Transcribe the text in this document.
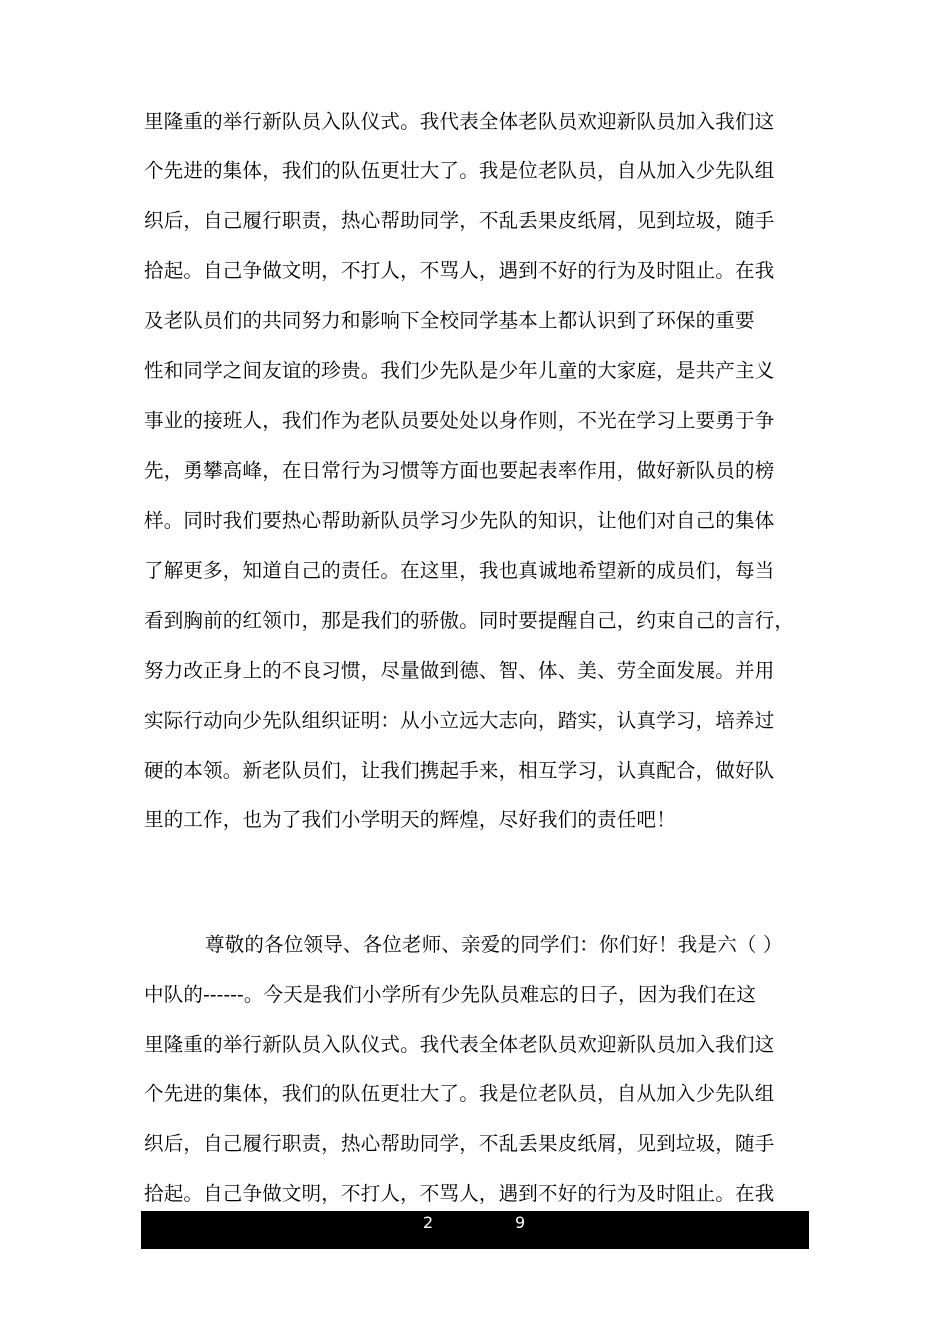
里隆重的举行新队员入队仪式。我代表全体老队员欢迎新队员加入我们这
个先进的集体，我们的队伍更壮大了。我是位老队员，自从加入少先队组
织后，自己履行职责，热心帮助同学，不乱丢果皮纸屑，见到垃圾，随手
拾起。自己争做文明，不打人，不骂人，遇到不好的行为及时阻止。在我
及老队员们的共同努力和影响下全校同学基本上都认识到了环保的重要
性和同学之间友谊的珍贵。我们少先队是少年儿童的大家庭，是共产主义
事业的接班人，我们作为老队员要处处以身作则，不光在学习上要勇于争
先，勇攀高峰，在日常行为习惯等方面也要起表率作用，做好新队员的榜
样。同时我们要热心帮助新队员学习少先队的知识，让他们对自己的集体
了解更多，知道自己的责任。在这里，我也真诚地希望新的成员们，每当
看到胸前的红领巾，那是我们的骄傲。同时要提醒自己，约束自己的言行，
努力改正身上的不良习惯，尽量做到德、智、体、美、劳全面发展。并用
实际行动向少先队组织证明：从小立远大志向，踏实，认真学习，培养过
硬的本领。新老队员们，让我们携起手来，相互学习，认真配合，做好队
里的工作，也为了我们小学明天的辉煌，尽好我们的责任吧！
尊敬的各位领导、各位老师、亲爱的同学们：你们好！我是六（ ）
中队的------。今天是我们小学所有少先队员难忘的日子，因为我们在这
里隆重的举行新队员入队仪式。我代表全体老队员欢迎新队员加入我们这
个先进的集体，我们的队伍更壮大了。我是位老队员，自从加入少先队组
织后，自己履行职责，热心帮助同学，不乱丢果皮纸屑，见到垃圾，随手
拾起。自己争做文明，不打人，不骂人，遇到不好的行为及时阻止。在我
2	9
